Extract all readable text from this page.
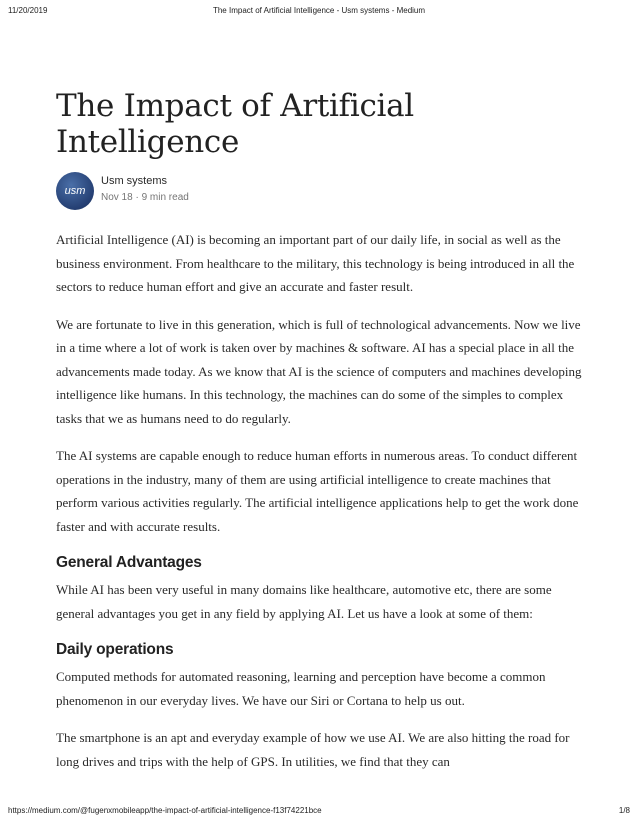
11/20/2019	The Impact of Artificial Intelligence - Usm systems - Medium
The Impact of Artificial Intelligence
usm
Usm systems
Nov 18 · 9 min read

Artificial Intelligence (AI) is becoming an important part of our daily life, in social as well as the business environment. From healthcare to the military, this technology is being introduced in all the sectors to reduce human effort and give an accurate and faster result.

We are fortunate to live in this generation, which is full of technological advancements. Now we live in a time where a lot of work is taken over by machines & software. AI has a special place in all the advancements made today. As we know that AI is the science of computers and machines developing intelligence like humans. In this technology, the machines can do some of the simples to complex tasks that we as humans need to do regularly.

The AI systems are capable enough to reduce human efforts in numerous areas. To conduct different operations in the industry, many of them are using artificial intelligence to create machines that perform various activities regularly. The artificial intelligence applications help to get the work done faster and with accurate results.

General Advantages

While AI has been very useful in many domains like healthcare, automotive etc, there are some general advantages you get in any field by applying AI. Let us have a look at some of them:

Daily operations

Computed methods for automated reasoning, learning and perception have become a common phenomenon in our everyday lives. We have our Siri or Cortana to help us out.

The smartphone is an apt and everyday example of how we use AI. We are also hitting the road for long drives and trips with the help of GPS. In utilities, we find that they can

https://medium.com/@fugenxmobileapp/the-impact-of-artificial-intelligence-f13f74221bce	1/8
